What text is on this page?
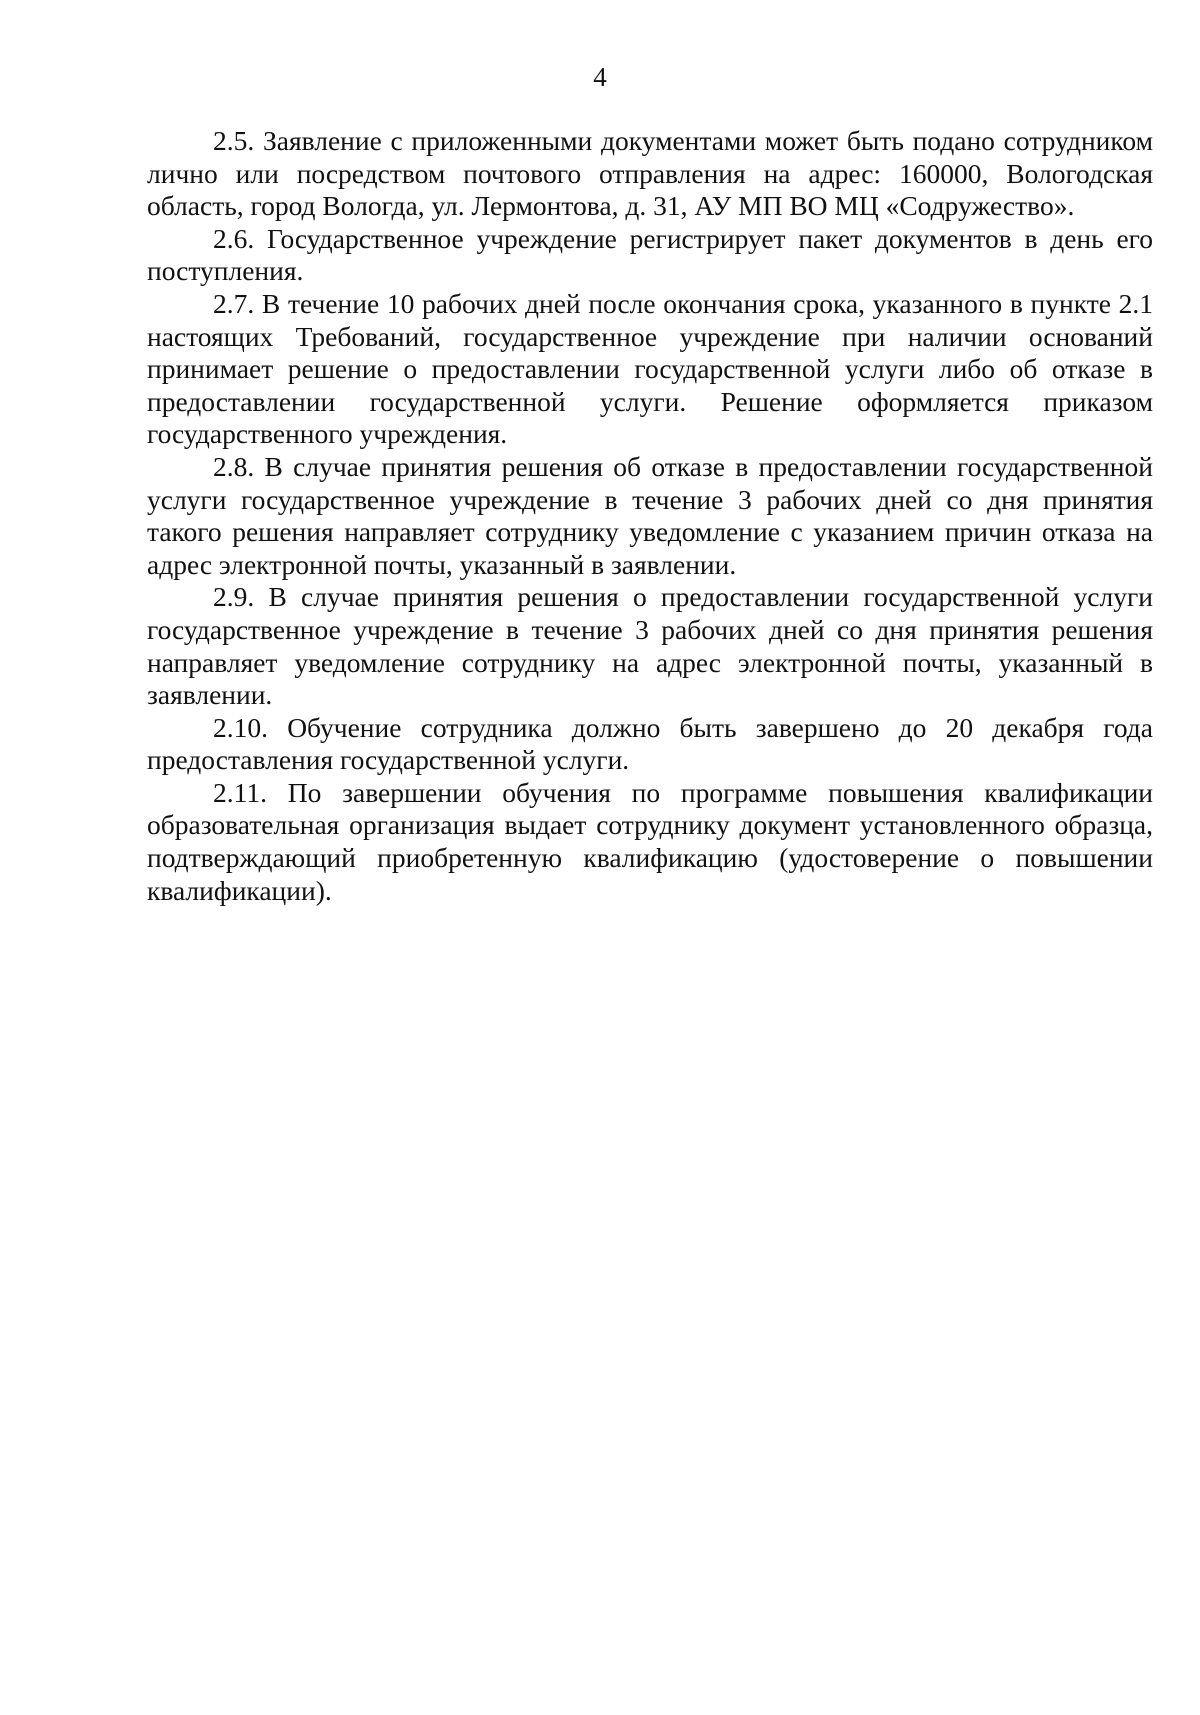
4

2.5. Заявление с приложенными документами может быть подано сотрудником лично или посредством почтового отправления на адрес: 160000, Вологодская область, город Вологда, ул. Лермонтова, д. 31, АУ МП ВО МЦ «Содружество».

2.6. Государственное учреждение регистрирует пакет документов в день его поступления.

2.7. В течение 10 рабочих дней после окончания срока, указанного в пункте 2.1 настоящих Требований, государственное учреждение при наличии оснований принимает решение о предоставлении государственной услуги либо об отказе в предоставлении государственной услуги. Решение оформляется приказом государственного учреждения.

2.8. В случае принятия решения об отказе в предоставлении государственной услуги государственное учреждение в течение 3 рабочих дней со дня принятия такого решения направляет сотруднику уведомление с указанием причин отказа на адрес электронной почты, указанный в заявлении.

2.9. В случае принятия решения о предоставлении государственной услуги государственное учреждение в течение 3 рабочих дней со дня принятия решения направляет уведомление сотруднику на адрес электронной почты, указанный в заявлении.

2.10. Обучение сотрудника должно быть завершено до 20 декабря года предоставления государственной услуги.

2.11. По завершении обучения по программе повышения квалификации образовательная организация выдает сотруднику документ установленного образца, подтверждающий приобретенную квалификацию (удостоверение о повышении квалификации).
